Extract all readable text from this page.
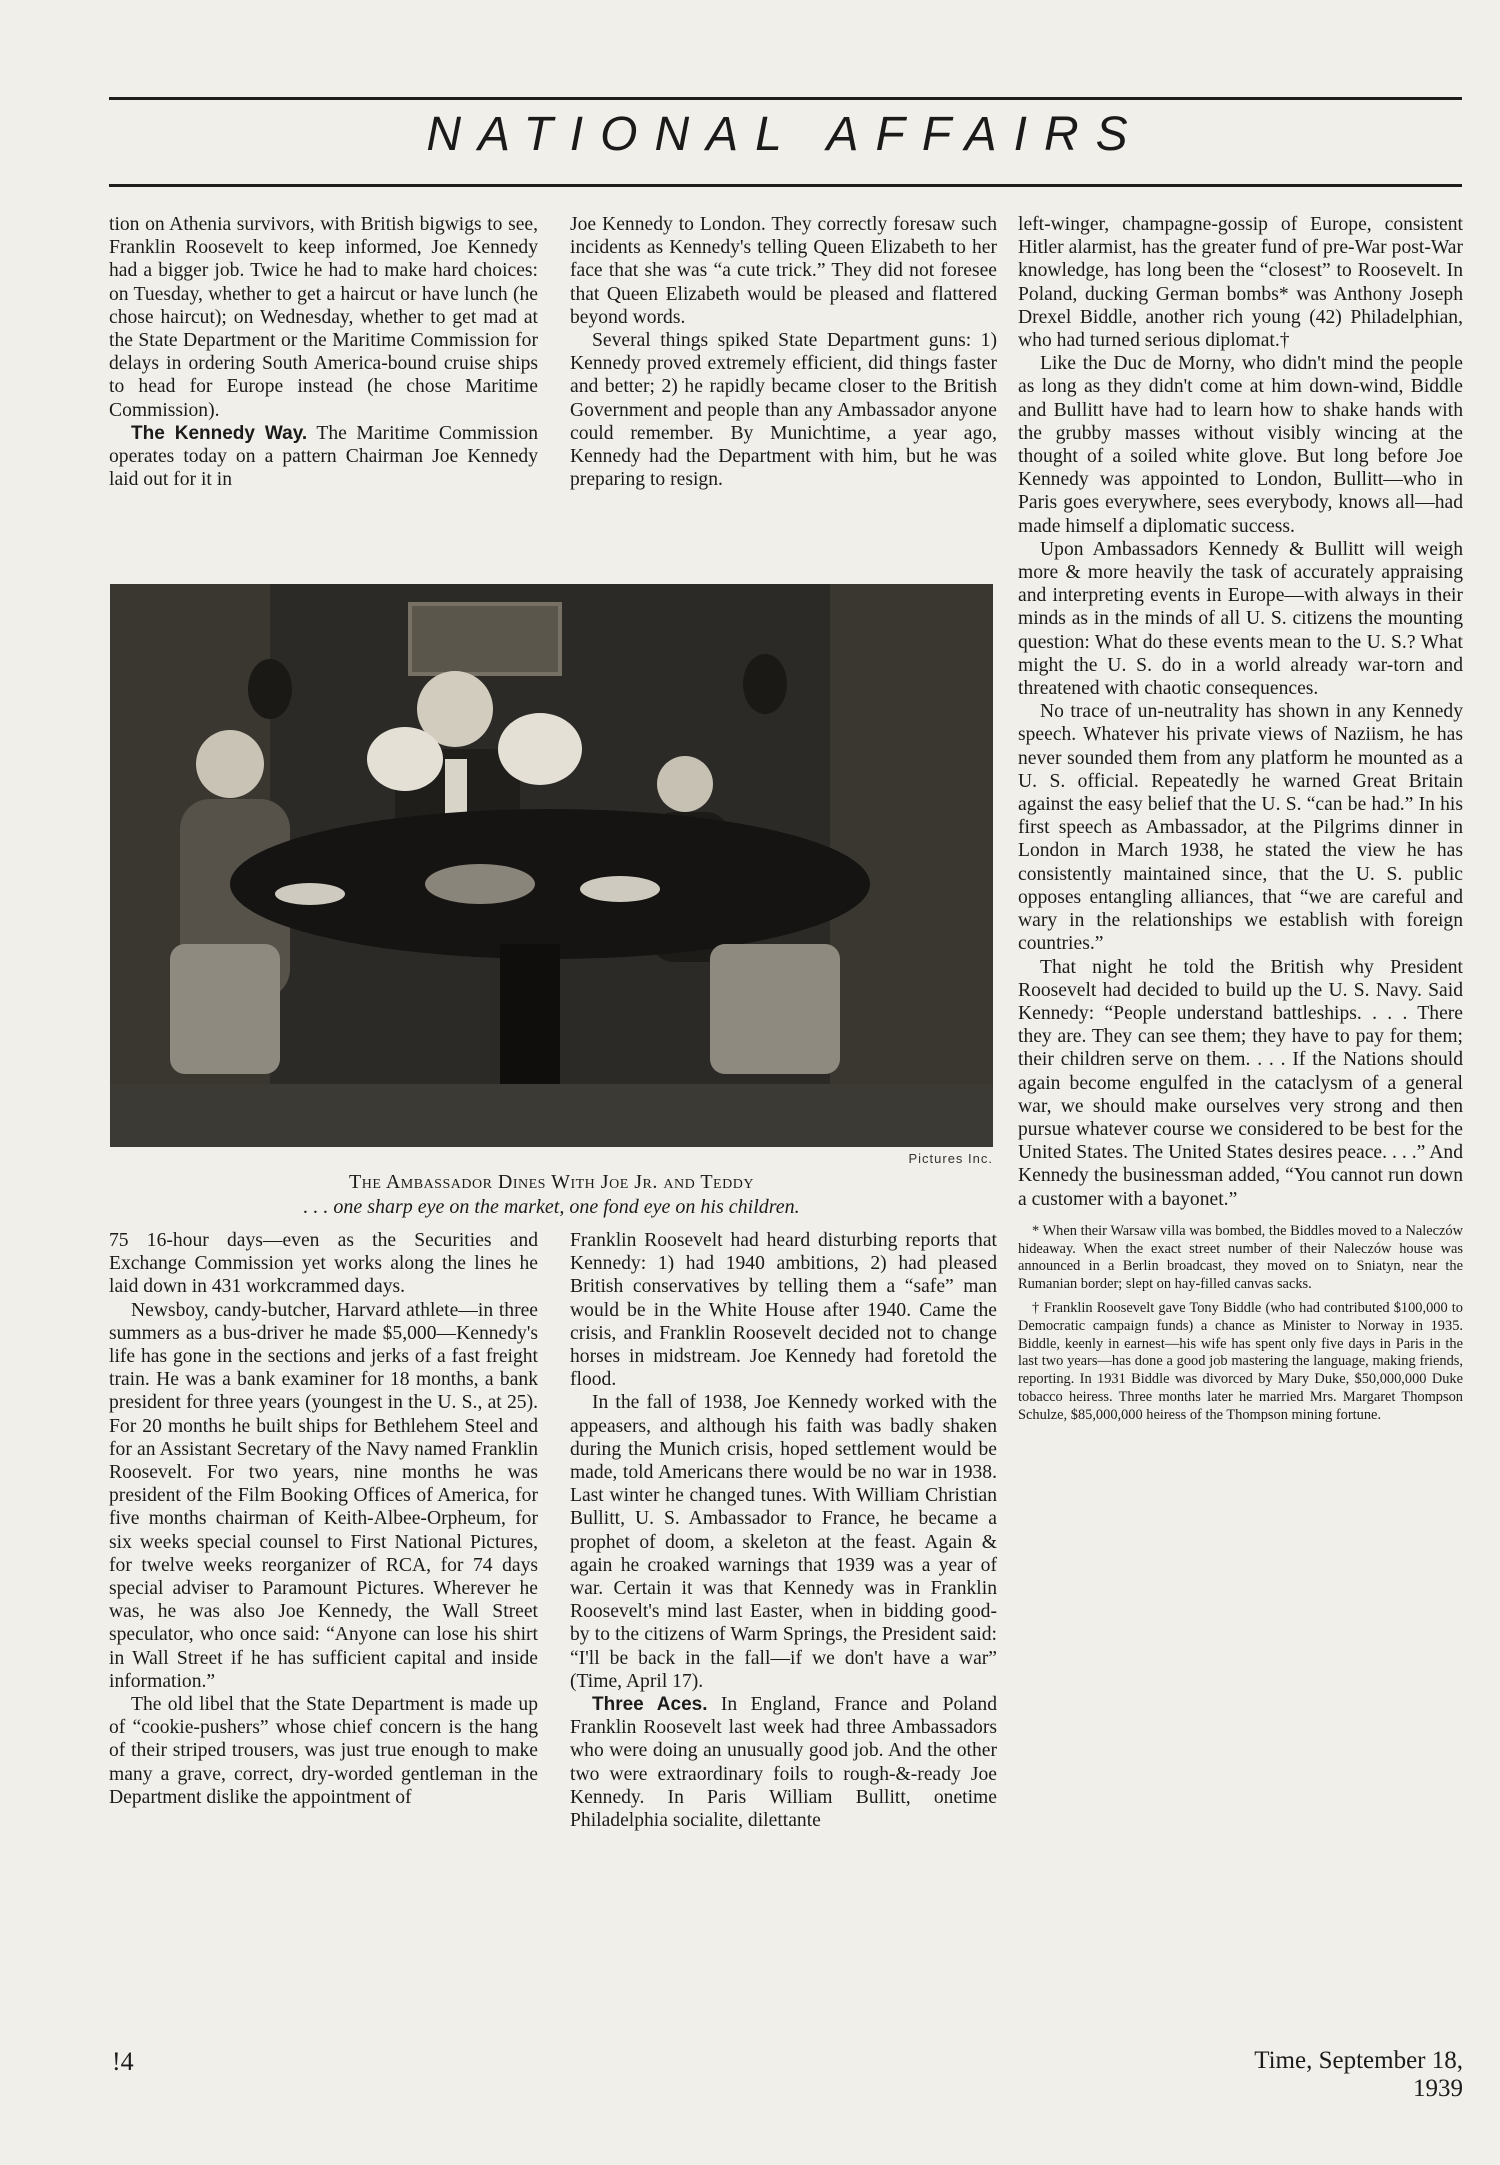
NATIONAL AFFAIRS

tion on Athenia survivors, with British bigwigs to see, Franklin Roosevelt to keep informed, Joe Kennedy had a bigger job. Twice he had to make hard choices: on Tuesday, whether to get a haircut or have lunch (he chose haircut); on Wednesday, whether to get mad at the State Department or the Maritime Commission for delays in ordering South America-bound cruise ships to head for Europe instead (he chose Maritime Commission).

The Kennedy Way. The Maritime Commission operates today on a pattern Chairman Joe Kennedy laid out for it in

Joe Kennedy to London. They correctly foresaw such incidents as Kennedy's telling Queen Elizabeth to her face that she was “a cute trick.” They did not foresee that Queen Elizabeth would be pleased and flattered beyond words.

Several things spiked State Department guns: 1) Kennedy proved extremely efficient, did things faster and better; 2) he rapidly became closer to the British Government and people than any Ambassador anyone could remember. By Munichtime, a year ago, Kennedy had the Department with him, but he was preparing to resign.

left-winger, champagne-gossip of Europe, consistent Hitler alarmist, has the greater fund of pre-War post-War knowledge, has long been the “closest” to Roosevelt. In Poland, ducking German bombs* was Anthony Joseph Drexel Biddle, another rich young (42) Philadelphian, who had turned serious diplomat.†

Like the Duc de Morny, who didn't mind the people as long as they didn't come at him down-wind, Biddle and Bullitt have had to learn how to shake hands with the grubby masses without visibly wincing at the thought of a soiled white glove. But long before Joe Kennedy was appointed to London, Bullitt—who in Paris goes everywhere, sees everybody, knows all—had made himself a diplomatic success.

Upon Ambassadors Kennedy & Bullitt will weigh more & more heavily the task of accurately appraising and interpreting events in Europe—with always in their minds as in the minds of all U. S. citizens the mounting question: What do these events mean to the U. S.? What might the U. S. do in a world already war-torn and threatened with chaotic consequences.

No trace of un-neutrality has shown in any Kennedy speech. Whatever his private views of Naziism, he has never sounded them from any platform he mounted as a U. S. official. Repeatedly he warned Great Britain against the easy belief that the U. S. “can be had.” In his first speech as Ambassador, at the Pilgrims dinner in London in March 1938, he stated the view he has consistently maintained since, that the U. S. public opposes entangling alliances, that “we are careful and wary in the relationships we establish with foreign countries.”

That night he told the British why President Roosevelt had decided to build up the U. S. Navy. Said Kennedy: “People understand battleships. . . . There they are. They can see them; they have to pay for them; their children serve on them. . . . If the Nations should again become engulfed in the cataclysm of a general war, we should make ourselves very strong and then pursue whatever course we considered to be best for the United States. The United States desires peace. . . .” And Kennedy the businessman added, “You cannot run down a customer with a bayonet.”

* When their Warsaw villa was bombed, the Biddles moved to a Naleczów hideaway. When the exact street number of their Naleczów house was announced in a Berlin broadcast, they moved on to Sniatyn, near the Rumanian border; slept on hay-filled canvas sacks.

† Franklin Roosevelt gave Tony Biddle (who had contributed $100,000 to Democratic campaign funds) a chance as Minister to Norway in 1935. Biddle, keenly in earnest—his wife has spent only five days in Paris in the last two years—has done a good job mastering the language, making friends, reporting. In 1931 Biddle was divorced by Mary Duke, $50,000,000 Duke tobacco heiress. Three months later he married Mrs. Margaret Thompson Schulze, $85,000,000 heiress of the Thompson mining fortune.

Pictures Inc.
The Ambassador Dines With Joe Jr. and Teddy
. . . one sharp eye on the market, one fond eye on his children.

75 16-hour days—even as the Securities and Exchange Commission yet works along the lines he laid down in 431 workcrammed days.

Newsboy, candy-butcher, Harvard athlete—in three summers as a bus-driver he made $5,000—Kennedy's life has gone in the sections and jerks of a fast freight train. He was a bank examiner for 18 months, a bank president for three years (youngest in the U. S., at 25). For 20 months he built ships for Bethlehem Steel and for an Assistant Secretary of the Navy named Franklin Roosevelt. For two years, nine months he was president of the Film Booking Offices of America, for five months chairman of Keith-Albee-Orpheum, for six weeks special counsel to First National Pictures, for twelve weeks reorganizer of RCA, for 74 days special adviser to Paramount Pictures. Wherever he was, he was also Joe Kennedy, the Wall Street speculator, who once said: “Anyone can lose his shirt in Wall Street if he has sufficient capital and inside information.”

The old libel that the State Department is made up of “cookie-pushers” whose chief concern is the hang of their striped trousers, was just true enough to make many a grave, correct, dry-worded gentleman in the Department dislike the appointment of

Franklin Roosevelt had heard disturbing reports that Kennedy: 1) had 1940 ambitions, 2) had pleased British conservatives by telling them a “safe” man would be in the White House after 1940. Came the crisis, and Franklin Roosevelt decided not to change horses in midstream. Joe Kennedy had foretold the flood.

In the fall of 1938, Joe Kennedy worked with the appeasers, and although his faith was badly shaken during the Munich crisis, hoped settlement would be made, told Americans there would be no war in 1938. Last winter he changed tunes. With William Christian Bullitt, U. S. Ambassador to France, he became a prophet of doom, a skeleton at the feast. Again & again he croaked warnings that 1939 was a year of war. Certain it was that Kennedy was in Franklin Roosevelt's mind last Easter, when in bidding good-by to the citizens of Warm Springs, the President said: “I'll be back in the fall—if we don't have a war” (Time, April 17).

Three Aces. In England, France and Poland Franklin Roosevelt last week had three Ambassadors who were doing an unusually good job. And the other two were extraordinary foils to rough-&-ready Joe Kennedy. In Paris William Bullitt, onetime Philadelphia socialite, dilettante

!4	Time, September 18, 1939
